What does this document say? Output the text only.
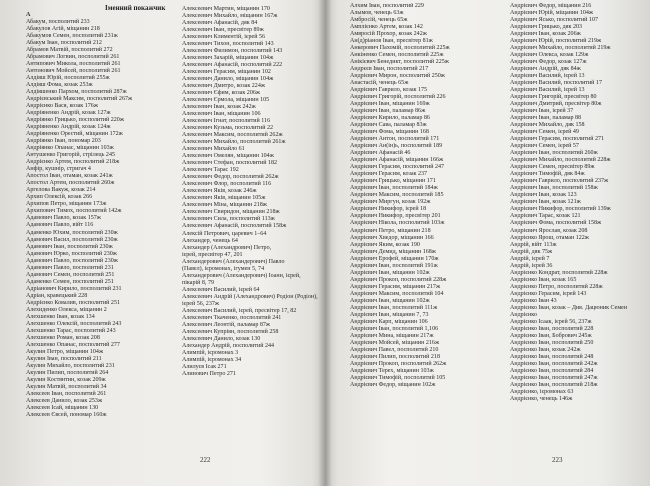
Іменний покажчик
А
Абакум, посполитий 233
Абакулов Агій, міщанин 218
Абакумов Семен, посполитий 231ж
Абакум Іван, посполитий 212
Абрамов Матвій, посполитий 272
Абрамович Логвин, посполитий 261
Антипович Микола, посполитий 261
Антонович Мойсей, посполитий 261
Алдіяш Юрій, посполитий 255ж
Алдіяш Фома, козак 253ж
Алдіяшенко Пархом, посполитий 287ж
Андрієвський Максим, посполитий 267ж
Андрієнко Вася, козак 176ж
Андріяненко Андрій, козак 127ж
Андріянко Грицько, посполитий 220ж
Андріяненко Андрій, козак 124ж
Андріяненко Орестий, міщанин 172ж
Андріянко Іван, пономар 203
Андріянко Опанас, міщанин 103ж
Антушенко Григорій, стрілець 245
Андрієнко Артем, посполитий 218ж
Анфір, кушнір, стригач 4
Апостол Іван, отаман, козак 241ж
Апостол Артем, посполитий 260ж
Аргелова Вакуж, козак 214
Архип Олексій, козак 266
Архипов Петро, міщанин 173ж
Архипович Тимох, посполитий 142ж
Адамович Павло, козак 157ж
Адамович Павло, війт 116
Адаменко Юхим, посполитий 230ж
Адамович Васил, посполитий 230ж
Адамович Іван, посполитий 230ж
Адамович Юрко, посполитий 230ж
Адамович Павло, посполитий 230ж
Адамович Павло, посполитий 231
Адамович Семен, посполитий 251
Адаменко Семен, посполитий 251
Адріанович Кирило, посполитий 231
Адріан, кравецький 228
Андрієнко Ковалив, посполитий 251
Алехиденко Олекса, міщанин 2
Алехшенко Іван, козак 134
Алехшенко Олексій, посполитий 243
Алехшенко Тарас, посполитий 243
Алехшенко Роман, козак 208
Алехшенко Опанас, посполитий 277
Акулин Петро, міщанин 104ж
Акулин Іван, посполитий 211
Акулин Михайло, посполитий 231
Акулин Пилип, посполитий 264
Акулин Костянтин, козак 209ж
Акулин Матвій, посполитий 34
Алексеев Іван, посполитий 261
Алексеев Данило, козак 253ж
Алексеев Ісай, міщанин 130
Алексеев Євсей, пономар 160ж
Алексеевич Мартин, міщанин 170
Алексеевич Михайло, міщанин 167ж
Алексеевич Афанасій, дяк 84
Алексеевич Іван, пресвітер 89ж
Алексеевич Климентій, ієрей 56
Алексеевич Тихон, посполитий 143
Алексеевич Филимон, посполитий 143
Алексеевич Захарій, міщанин 104ж
Алексеевич Афанасій, посполитий 222
Алексеевич Герасим, міщанин 102
Алексеевич Данило, міщанин 104ж
Алексеевич Дмитро, козак 224ж
Алексеевич Єфим, козак 206ж
Алексеевич Єрмола, міщанин 105
Алексеевич Іван, козак 242ж
Алексеевич Іван, міщанин 106
Алексеевич Ігнат, посполитий 116
Алексеевич Кузьма, посполитий 22
Алексеевич Максим, посполитий 262ж
Алексеевич Михайло, посполитий 261ж
Алексеевич Михайло 61
Алексеевич Омелян, міщанин 104ж
Алексеевич Стефан, посполитий 182
Алексеевич Тарас 192
Алексеевич Федор, посполитий 262ж
Алексеевич Флор, посполитий 116
Алексеевич Яків, козак 246ж
Алексеевич Яків, міщанин 105ж
Алексеевич Міна, міщанин 218ж
Алексеевич Свиридон, міщанин 218ж
Алексеевич Сила, посполитий 113ж
Алексеевич Афанасій, посполитий 158ж
Алексій Петрович, царевич 1–64
Алехандер, ченець 64
Алехандер (Алехандрович) Петро,
ієрей, пресвітер 47, 201
Алехандерович (Алехандерович) Павло
(Павел), ієромонах, ігумен 5, 74
Алехандерович (Алехандерович) Іоанн, ієрей,
пікарій 8, 79
Алексеевич Василий, ієрей 64
Алексеевич Андрій (Алехандрович) Родіон (Родіон),
ієрей 56, 237ж
Алексеевич Василий, ієрей, пресвітер 17, 82
Алексеевич Ткаченко, посполитий 241
Алексеевич Леонтій, паламар 87ж
Алексеевич Купріян, посполитий 258
Алексеевич Данило, козак 130
Алехандер Андрій, посполитий 244
Алимпій, ієромонах 3
Алимпій, ієромонах 34
Алилуєв Ісак 271
Алинович Петро 271
222
Алхим Іван, посполитий 229
Алымов, ченець 63ж
Амбросій, ченець 65ж
Амплієнко Артем, козак 142
Амвросій Прохор, козак 242ж
Ан(д)ріанов Іван, пресвітер 81ж
Анкерович Пахомій, посполитий 225ж
Анкіненко Семен, посполитий 225ж
Анікієвич Бенедикт, посполитий 225ж
Андрєєв Іван, посполитий 217
Андрієвич Мирон, посполитий 250ж
Анастасій, ченець 65ж
Андрієвич Гаврило, козак 175
Андрієвич Григорій, посполитий 226
Андрієвич Іван, міщанин 169ж
Андрієвич Іван, паламар 86ж
Андрієвич Кирило, паламар 86
Андрієвич Сава, паламар 83ж
Андрієвич Фома, міщанин 168
Андрієвич Антон, посполитий 171
Андрієвич Ан(ін)ь, посполитий 189
Андрієвич Афанасій 46
Андрієвич Афанасій, міщанин 166ж
Андрієвич Герасим, посполитий 247
Андрієвич Герасим, козак 237
Андрієвич Грицько, міщанин 171
Андрієвич Іван, посполитий 184ж
Андрієвич Максим, посполитий 185
Андрієвич Миргун, козак 192ж
Андрієвич Никифор, ієрей 18
Андрієвич Никифор, пресвітер 201
Андрієвич Нікола, посполитий 103ж
Андрієвич Петро, міщанин 218
Андрієвич Хведор, міщанин 166
Андрієвич Яким, козак 190
Андрієвич Демид, міщанин 168ж
Андрієвич Ерофей, міщанин 170ж
Андрієвич Іван, посполитий 191ж
Андрієвич Іван, міщанин 102ж
Андрієвич Прокоп, посполитий 228ж
Андрієвич Герасим, міщанин 217ж
Андрієвич Максим, посполитий 104
Андрієвич Іван, міщанин 102ж
Андрієвич Іван, посполитий 111ж
Андрієвич Іван, міщанин 7, 73
Андрієвич Карп, міщанин 106
Андрієвич Іван, посполитий 1,106
Андрієвич Мина, міщанин 217ж
Андрієвич Мойсей, міщанин 216ж
Андрієвич Павел, посполитий 210
Андрієвич Пилип, посполитий 218
Андрієвич Прокоп, посполитий 262ж
Андрієвич Терех, міщанин 103ж
Андрієвич Тимофій, посполитий 105
Андрієвич Федор, міщанин 102ж
Андрієвич Федор, міщанин 216
Андрієвич Юрій, міщанин 104ж
Андрієвич Ясько, посполитий 107
Андрієвич Грицько, дяк 203
Андрієвич Іван, козак 206ж
Андрієвич Юрій, посполитий 219ж
Андрієвич Михайло, посполитий 219ж
Андрієвич Олекса, козак 129ж
Андрієвич Федор, козак 127ж
Андрієвич Андрій, дяк 84ж
Андрієвич Василий, ієрей 13
Андрієвич Василий, посполитий 17
Андрієвич Василий, ієрей 13
Андрієвич Григорій, пресвітер 80
Андрієвич Дмитрий, пресвітер 80ж
Андрієвич Іван, ієрей 37
Андрієвич Іван, паламар 88
Андрієвич Михайло, дяк 158
Андрієвич Семен, ієрей 49
Андрієвич Герасим, посполитий 271
Андрієвич Семен, ієрей 57
Андрієвич Іван, посполитий 260ж
Андрієвич Михайло, посполитий 228ж
Андрієвич Семен, пресвітер 89ж
Андрієвич Тимофій, дяк 84ж
Андрієвич Гаврило, посполитий 237ж
Андрієвич Іван, посполитий 158ж
Андрієвич Іван, козак 123
Андрієвич Іван, козак 121ж
Андрієвич Никифор, посполитий 139ж
Андрієвич Тарас, козак 121
Андрієвич Фома, посполитий 158ж
Андрієвич Ярослав, козак 208
Андрієнко Ярош, отаман 122ж
Андрій, війт 113ж
Андрій, дяк 75ж
Андрій, ієрей 7
Андрій, ієрей 36
Андрієнко Кондрат, посполитий 228ж
Андрієнко Іван, козак 165
Андрієнко Петро, посполитий 228ж
Андрієнко Герасим, ієрей 143
Андрієнко Іван 43
Андрієнко Іван, козак – Див. Дацюник Семен
Андрієнко
Андрієнко Ісаак, ієрей 56, 237ж
Андрієнко Іван, посполитий 228
Андрієнко Іван, Бобрович 245ж
Андрієнко Іван, посполитий 250
Андрієнко Іван, козак 242ж
Андрієнко Іван, посполитий 248
Андрієнко Іван, посполитий 242ж
Андрієнко Іван, посполитий 284
Андрієнко Іван, посполитий 247ж
Андрієнко Іван, посполитий 218ж
Андрієнко, ієромонах 63
Андрієнко, ченець 146ж
223
